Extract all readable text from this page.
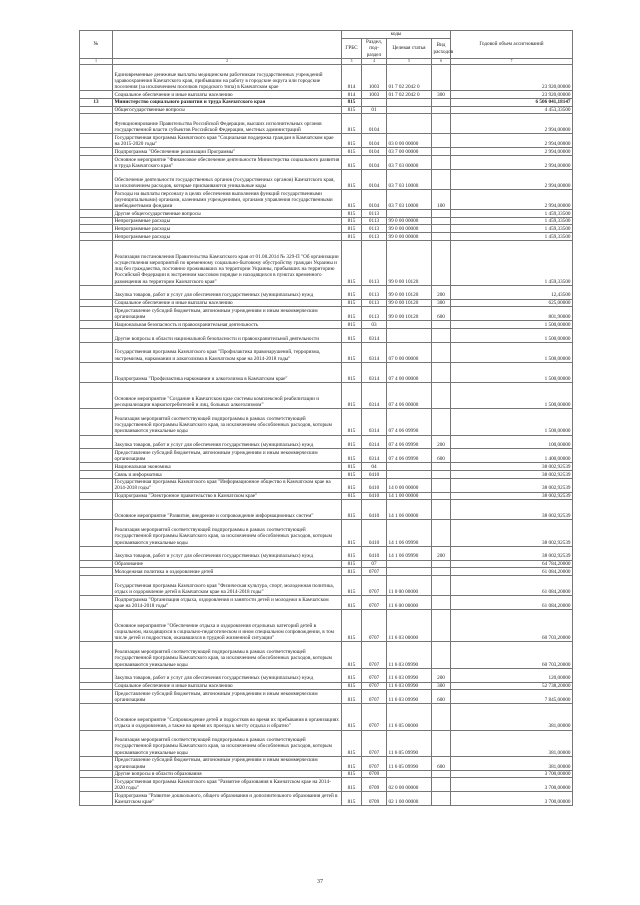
№		коды				Годовой объем ассигнований
		ГРБС	Раздел, под-раздел	Целевая статья	Вид расходов	
1	2	3	4	5	6	7
	Единовременные денежные выплаты медицинским работникам государственных учреждений здравоохранения Камчатского края, прибывшим на работу в городские округа или городские поселения (за исключением поселков городского типа) в Камчатском крае	814	1003	01 7 02 2042 0		23 920,00000
	Социальное обеспечение и иные выплаты населению	814	1003	01 7 02 2042 0	300	23 920,00000
13	Министерство социального развития и труда Камчатского края	815				6 506 041,18147
	Общегосударственные вопросы	815	01			4 453,33500
	Функционирование Правительства Российской Федерации, высших исполнительных органов государственной власти субъектов Российской Федерации, местных администраций	815	0104			2 994,00000
	Государственная программа Камчатского края "Социальная поддержка граждан в Камчатском крае на 2015-2020 годы"	815	0104	03 0 00 00000		2 994,00000
	Подпрограмма "Обеспечение реализации Программы"	815	0104	03 7 00 00000		2 994,00000
	Основное мероприятие "Финансовое обеспечение деятельности Министерства социального развития и труда Камчатского края"	815	0104	03 7 03 00000		2 994,00000
	Обеспечение деятельности государственных органов (государственных органов) Камчатского края, за исключением расходов, которые присваиваются уникальные коды	815	0104	03 7 03 10000		2 994,00000
	Расходы на выплаты персоналу в целях обеспечения выполнения функций государственными (муниципальными) органами, казенными учреждениями, органами управления государственными внебюджетными фондами	815	0104	03 7 03 10000	100	2 994,00000
	Другие общегосударственные вопросы	815	0113			1 459,33500
	Непрограммные расходы	815	0113	99 0 00 00000		1 459,33500
	Непрограммные расходы	815	0113	99 0 00 00000		1 459,33500
	Непрограммные расходы	815	0113	99 0 00 00000		1 459,33500
	Реализация постановления Правительства Камчатского края от 01.08.2014 № 329-П "Об организации осуществления мероприятий по временному социально-бытовому обустройству граждан Украины и лиц без гражданства, постоянно проживавших на территории Украины, прибывших на территорию Российской Федерации в экстренном массовом порядке и находящихся в пунктах временного размещения на территории Камчатского края"	815	0113	99 0 00 10120		1 459,33500
	Закупка товаров, работ и услуг для обеспечения государственных (муниципальных) нужд	815	0113	99 0 00 10120	200	12,43500
	Социальное обеспечение и иные выплаты населению	815	0113	99 0 00 10120	300	625,00000
	Предоставление субсидий бюджетным, автономным учреждениям и иным некоммерческим организациям	815	0113	99 0 00 10120	600	801,90000
	Национальная безопасность и правоохранительная деятельность	815	03			1 500,00000
	Другие вопросы в области национальной безопасности и правоохранительной деятельности	815	0314			1 500,00000
	Государственная программа Камчатского края "Профилактика правонарушений, терроризма, экстремизма, наркомании и алкоголизма в Камчатском крае на 2014-2018 годы"	815	0314	07 0 00 00000		1 500,00000
	Подпрограмма "Профилактика наркомании и алкоголизма в Камчатском крае"	815	0314	07 4 00 00000		1 500,00000
	Основное мероприятие "Создание в Камчатском крае системы комплексной реабилитации и ресоциализации наркопотребителей и лиц, больных алкоголизмом"	815	0314	07 4 06 00000		1 500,00000
	Реализация мероприятий соответствующей подпрограммы в рамках соответствующей государственной программы Камчатского края, за исключением обособленных расходов, которым присваиваются уникальные коды	815	0314	07 4 06 09990		1 500,00000
	Закупка товаров, работ и услуг для обеспечения государственных (муниципальных) нужд	815	0314	07 4 06 09990	200	100,00000
	Предоставление субсидий бюджетным, автономным учреждениям и иным некоммерческим организациям	815	0314	07 4 06 09990	600	1 400,00000
	Национальная экономика	815	04			38 002,92539
	Связь и информатика	815	0410			38 002,92539
	Государственная программа Камчатского края "Информационное общество в Камчатском крае на 2014-2018 годы"	815	0410	14 0 00 00000		38 002,92539
	Подпрограмма "Электронное правительство в Камчатском крае"	815	0410	14 1 00 00000		38 002,92539
	Основное мероприятие "Развитие, внедрение и сопровождение информационных систем"	815	0410	14 1 06 00000		38 002,92539
	Реализация мероприятий соответствующей подпрограммы в рамках соответствующей государственной программы Камчатского края, за исключением обособленных расходов, которым присваиваются уникальные коды	815	0410	14 1 06 09990		38 002,92539
	Закупка товаров, работ и услуг для обеспечения государственных (муниципальных) нужд	815	0410	14 1 06 09990	200	38 002,92539
	Образование	815	07			64 784,20000
	Молодежная политика и оздоровление детей	815	0707			61 084,20000
	Государственная программа Камчатского края "Физическая культура, спорт, молодежная политика, отдых и оздоровление детей в Камчатском крае на 2014-2018 годы"	815	0707	11 0 00 00000		61 084,20000
	Подпрограмма "Организация отдыха, оздоровления и занятости детей и молодежи в Камчатском крае на 2014-2018 годы"	815	0707	11 6 00 00000		61 084,20000
	Основное мероприятие "Обеспечение отдыха и оздоровления отдельных категорий детей в социальном, находящихся в социально-педагогическом и ином специальном сопровождении, в том числе детей и подростков, оказавшихся в трудной жизненной ситуации"	815	0707	11 6 03 00000		60 703,20000
	Реализация мероприятий соответствующей подпрограммы в рамках соответствующей государственной программы Камчатского края, за исключением обособленных расходов, которым присваиваются уникальные коды	815	0707	11 6 03 09990		60 703,20000
	Закупка товаров, работ и услуг для обеспечения государственных (муниципальных) нужд	815	0707	11 6 03 09990	200	120,00000
	Социальное обеспечение и иные выплаты населению	815	0707	11 6 03 09990	300	52 738,20000
	Предоставление субсидий бюджетным, автономным учреждениям и иным некоммерческим организациям	815	0707	11 6 03 09990	600	7 845,00000
	Основное мероприятие "Сопровождение детей и подростков во время их пребывания в организациях отдыха и оздоровления, а также во время их проезда к месту отдыха и обратно"	815	0707	11 6 05 00000		381,00000
	Реализация мероприятий соответствующей подпрограммы в рамках соответствующей государственной программы Камчатского края, за исключением обособленных расходов, которым присваиваются уникальные коды	815	0707	11 6 05 09990		381,00000
	Предоставление субсидий бюджетным, автономным учреждениям и иным некоммерческим организациям	815	0707	11 6 05 09990	600	381,00000
	Другие вопросы в области образования	815	0709			3 700,00000
	Государственная программа Камчатского края "Развитие образования в Камчатском крае на 2014-2020 годы"	815	0709	02 0 00 00000		3 700,00000
	Подпрограмма "Развитие дошкольного, общего образования и дополнительного образования детей в Камчатском крае"	815	0709	02 1 00 00000		3 700,00000
37
